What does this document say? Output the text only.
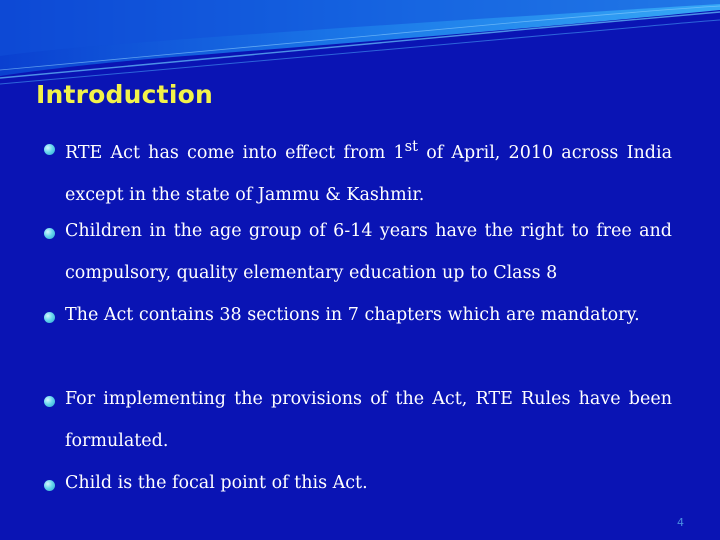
Introduction
RTE Act has come into effect from 1st of April, 2010 across India except in the state of Jammu & Kashmir.
Children in the age group of 6-14 years have the right to free and compulsory, quality elementary education up to Class 8
The Act contains 38 sections in 7 chapters which are mandatory.
For implementing the provisions of the Act, RTE Rules have been formulated.
Child is the focal point of this Act.
4
